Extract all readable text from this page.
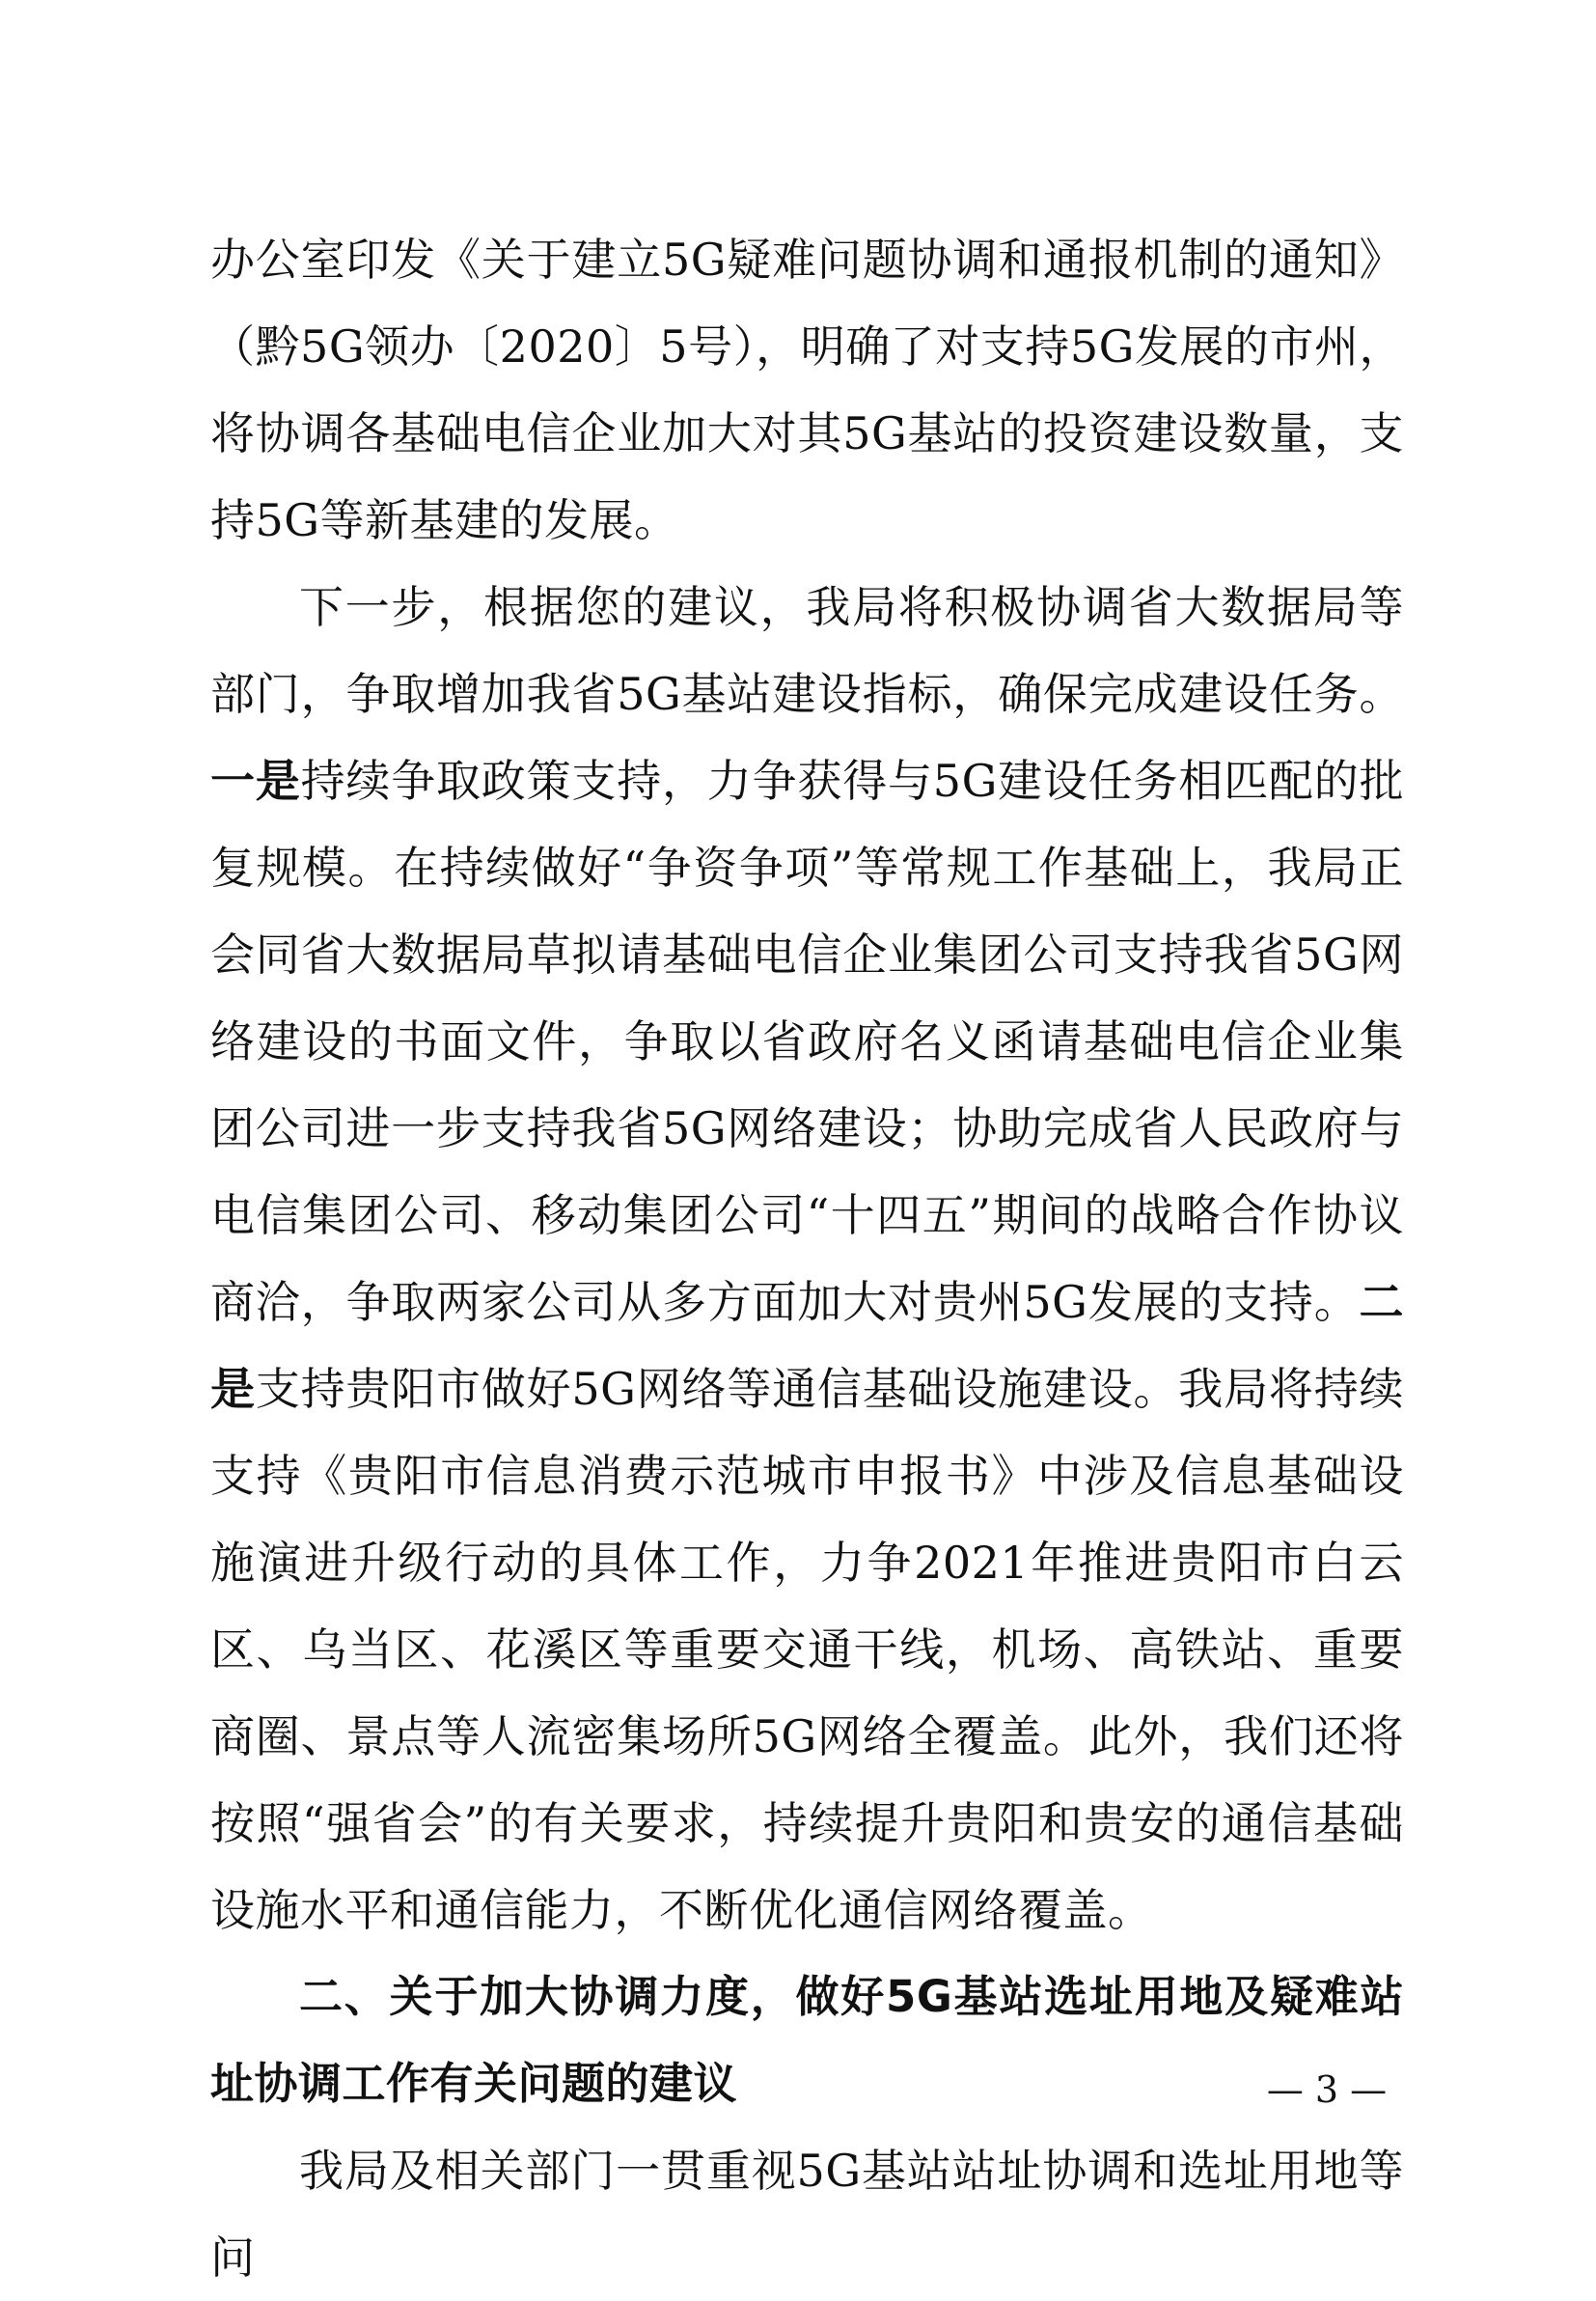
办公室印发《关于建立5G疑难问题协调和通报机制的通知》（黔5G领办〔2020〕5号），明确了对支持5G发展的市州，将协调各基础电信企业加大对其5G基站的投资建设数量，支持5G等新基建的发展。

下一步，根据您的建议，我局将积极协调省大数据局等部门，争取增加我省5G基站建设指标，确保完成建设任务。一是持续争取政策支持，力争获得与5G建设任务相匹配的批复规模。在持续做好“争资争项”等常规工作基础上，我局正会同省大数据局草拟请基础电信企业集团公司支持我省5G网络建设的书面文件，争取以省政府名义函请基础电信企业集团公司进一步支持我省5G网络建设；协助完成省人民政府与电信集团公司、移动集团公司“十四五”期间的战略合作协议商洽，争取两家公司从多方面加大对贵州5G发展的支持。二是支持贵阳市做好5G网络等通信基础设施建设。我局将持续支持《贵阳市信息消费示范城市申报书》中涉及信息基础设施演进升级行动的具体工作，力争2021年推进贵阳市白云区、乌当区、花溪区等重要交通干线，机场、高铁站、重要商圈、景点等人流密集场所5G网络全覆盖。此外，我们还将按照“强省会”的有关要求，持续提升贵阳和贵安的通信基础设施水平和通信能力，不断优化通信网络覆盖。

二、关于加大协调力度，做好5G基站选址用地及疑难站址协调工作有关问题的建议

我局及相关部门一贯重视5G基站站址协调和选址用地等问

— 3 —
